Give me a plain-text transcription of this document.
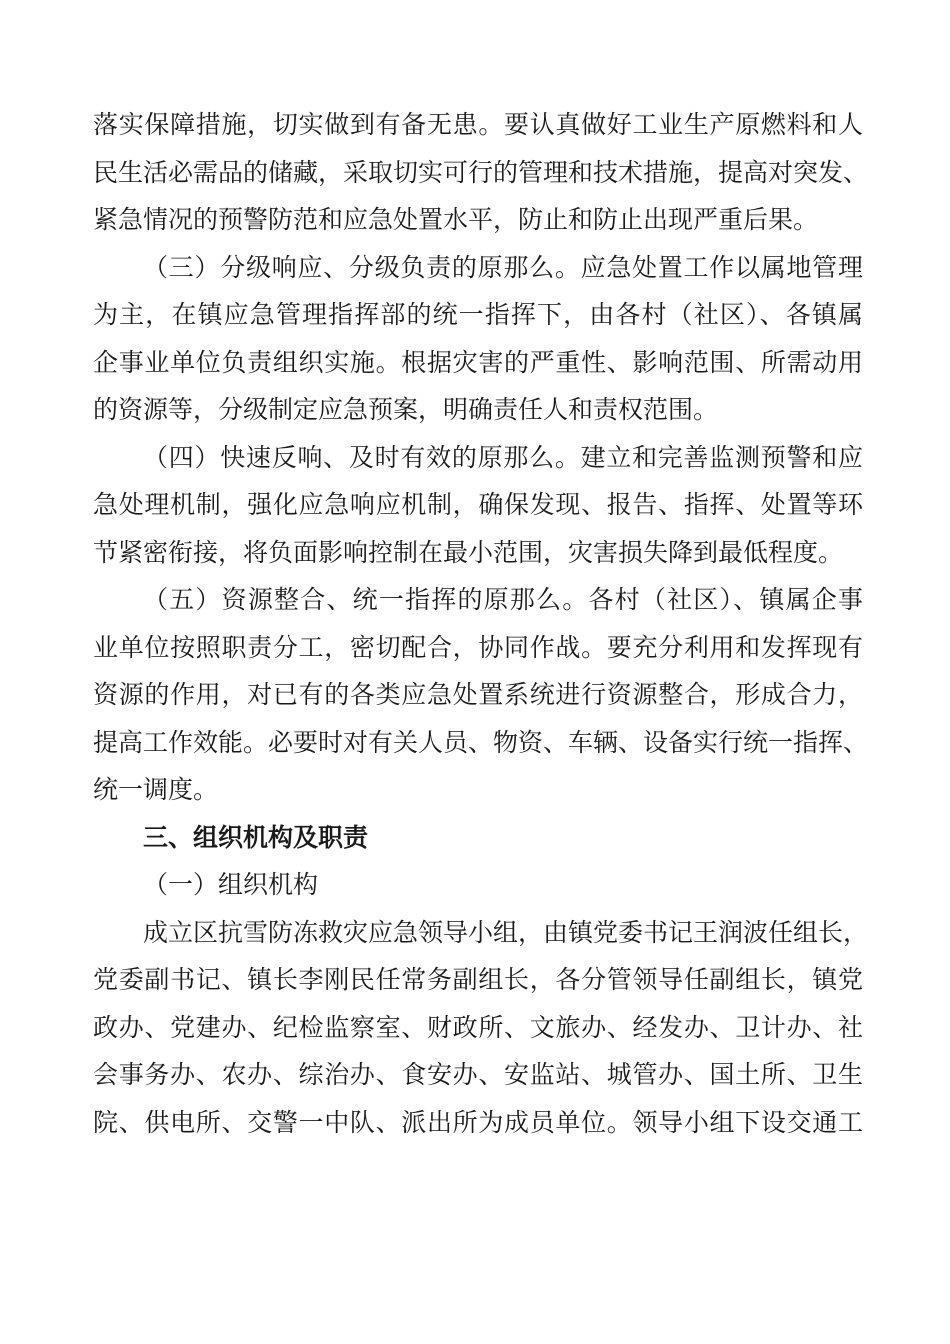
落实保障措施，切实做到有备无患。要认真做好工业生产原燃料和人
民生活必需品的储藏，采取切实可行的管理和技术措施，提高对突发、
紧急情况的预警防范和应急处置水平，防止和防止出现严重后果。
（三）分级响应、分级负责的原那么。应急处置工作以属地管理
为主，在镇应急管理指挥部的统一指挥下，由各村（社区）、各镇属
企事业单位负责组织实施。根据灾害的严重性、影响范围、所需动用
的资源等，分级制定应急预案，明确责任人和责权范围。
（四）快速反响、及时有效的原那么。建立和完善监测预警和应
急处理机制，强化应急响应机制，确保发现、报告、指挥、处置等环
节紧密衔接，将负面影响控制在最小范围，灾害损失降到最低程度。
（五）资源整合、统一指挥的原那么。各村（社区）、镇属企事
业单位按照职责分工，密切配合，协同作战。要充分利用和发挥现有
资源的作用，对已有的各类应急处置系统进行资源整合，形成合力，
提高工作效能。必要时对有关人员、物资、车辆、设备实行统一指挥、
统一调度。
三、组织机构及职责
（一）组织机构
成立区抗雪防冻救灾应急领导小组，由镇党委书记王润波任组长，
党委副书记、镇长李刚民任常务副组长，各分管领导任副组长，镇党
政办、党建办、纪检监察室、财政所、文旅办、经发办、卫计办、社
会事务办、农办、综治办、食安办、安监站、城管办、国土所、卫生
院、供电所、交警一中队、派出所为成员单位。领导小组下设交通工
